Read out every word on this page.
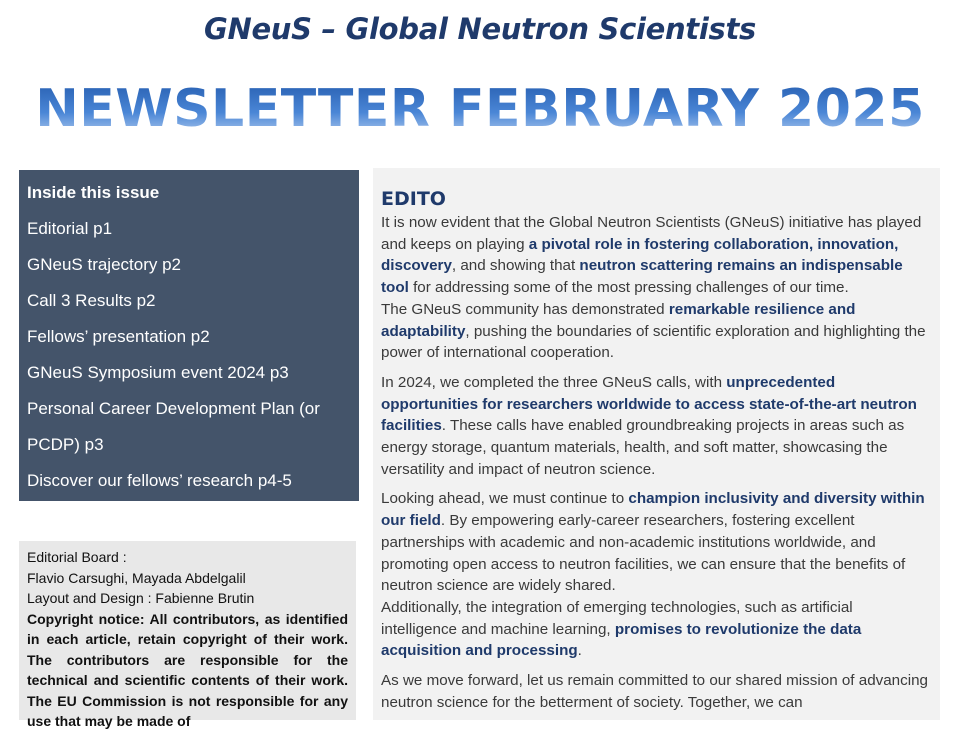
GNeuS – Global Neutron Scientists
NEWSLETTER FEBRUARY 2025
Inside this issue
Editorial p1
GNeuS trajectory p2
Call 3 Results p2
Fellows’ presentation p2
GNeuS Symposium event 2024 p3
Personal Career Development Plan (or
PCDP) p3
Discover our fellows’ research p4-5
Editorial Board :
Flavio Carsughi, Mayada Abdelgalil
Layout and Design : Fabienne Brutin
Copyright notice: All contributors, as identified in each article, retain copyright of their work. The contributors are responsible for the technical and scientific contents of their work. The EU Commission is not responsible for any use that may be made of
EDITO

It is now evident that the Global Neutron Scientists (GNeuS) initiative has played and keeps on playing a pivotal role in fostering collaboration, innovation, discovery, and showing that neutron scattering remains an indispensable tool for addressing some of the most pressing challenges of our time.

The GNeuS community has demonstrated remarkable resilience and adaptability, pushing the boundaries of scientific exploration and highlighting the power of international cooperation.

In 2024, we completed the three GNeuS calls, with unprecedented opportunities for researchers worldwide to access state-of-the-art neutron facilities. These calls have enabled groundbreaking projects in areas such as energy storage, quantum materials, health, and soft matter, showcasing the versatility and impact of neutron science.

Looking ahead, we must continue to champion inclusivity and diversity within our field. By empowering early-career researchers, fostering excellent partnerships with academic and non-academic institutions worldwide, and promoting open access to neutron facilities, we can ensure that the benefits of neutron science are widely shared.

Additionally, the integration of emerging technologies, such as artificial intelligence and machine learning, promises to revolutionize the data acquisition and processing.

As we move forward, let us remain committed to our shared mission of advancing neutron science for the betterment of society. Together, we can
